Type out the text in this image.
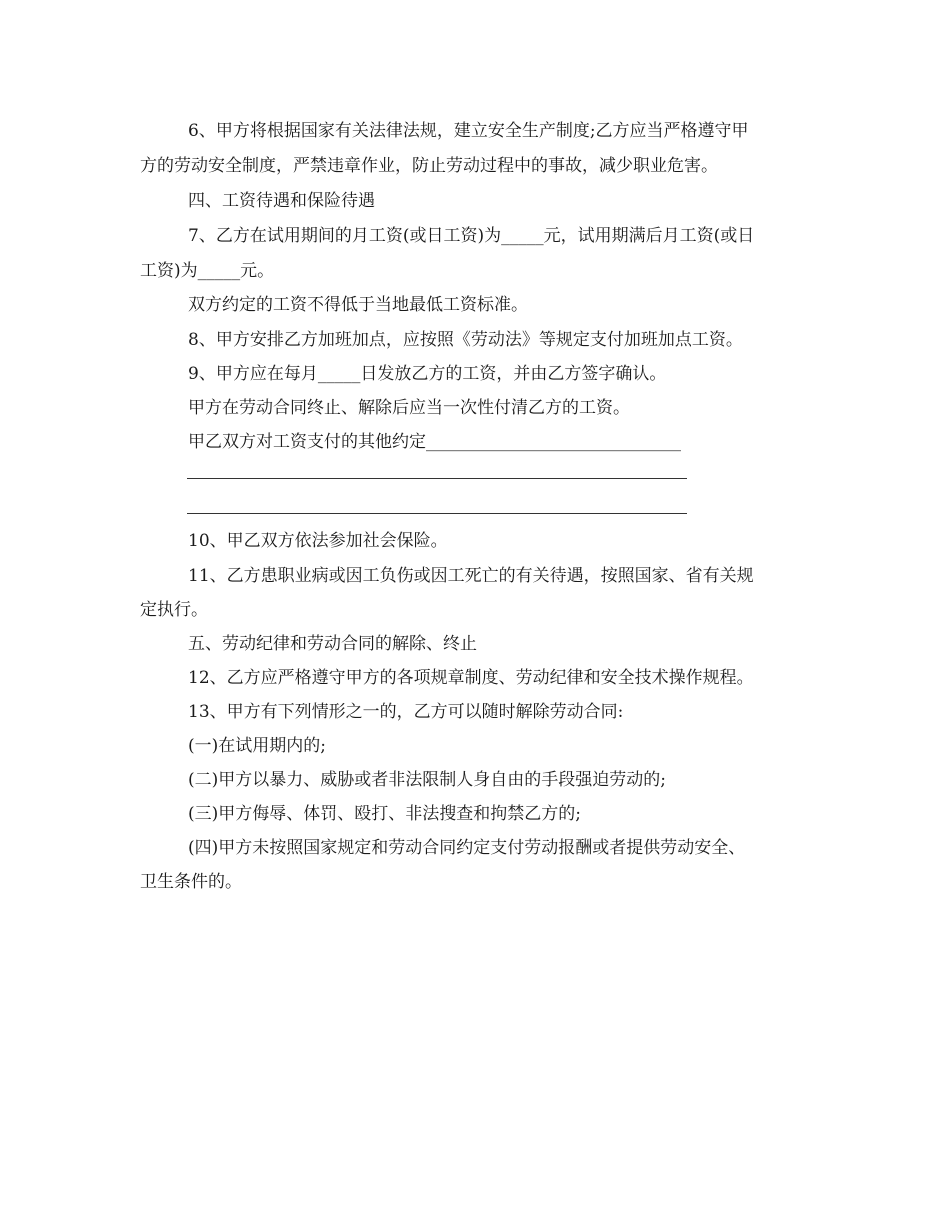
6、甲方将根据国家有关法律法规，建立安全生产制度;乙方应当严格遵守甲
方的劳动安全制度，严禁违章作业，防止劳动过程中的事故，减少职业危害。
四、工资待遇和保险待遇
7、乙方在试用期间的月工资(或日工资)为_____元，试用期满后月工资(或日
工资)为_____元。
双方约定的工资不得低于当地最低工资标准。
8、甲方安排乙方加班加点，应按照《劳动法》等规定支付加班加点工资。
9、甲方应在每月_____日发放乙方的工资，并由乙方签字确认。
甲方在劳动合同终止、解除后应当一次性付清乙方的工资。
甲乙双方对工资支付的其他约定______________________________
10、甲乙双方依法参加社会保险。
11、乙方患职业病或因工负伤或因工死亡的有关待遇，按照国家、省有关规
定执行。
五、劳动纪律和劳动合同的解除、终止
12、乙方应严格遵守甲方的各项规章制度、劳动纪律和安全技术操作规程。
13、甲方有下列情形之一的，乙方可以随时解除劳动合同:
(一)在试用期内的;
(二)甲方以暴力、威胁或者非法限制人身自由的手段强迫劳动的;
(三)甲方侮辱、体罚、殴打、非法搜查和拘禁乙方的;
(四)甲方未按照国家规定和劳动合同约定支付劳动报酬或者提供劳动安全、
卫生条件的。
